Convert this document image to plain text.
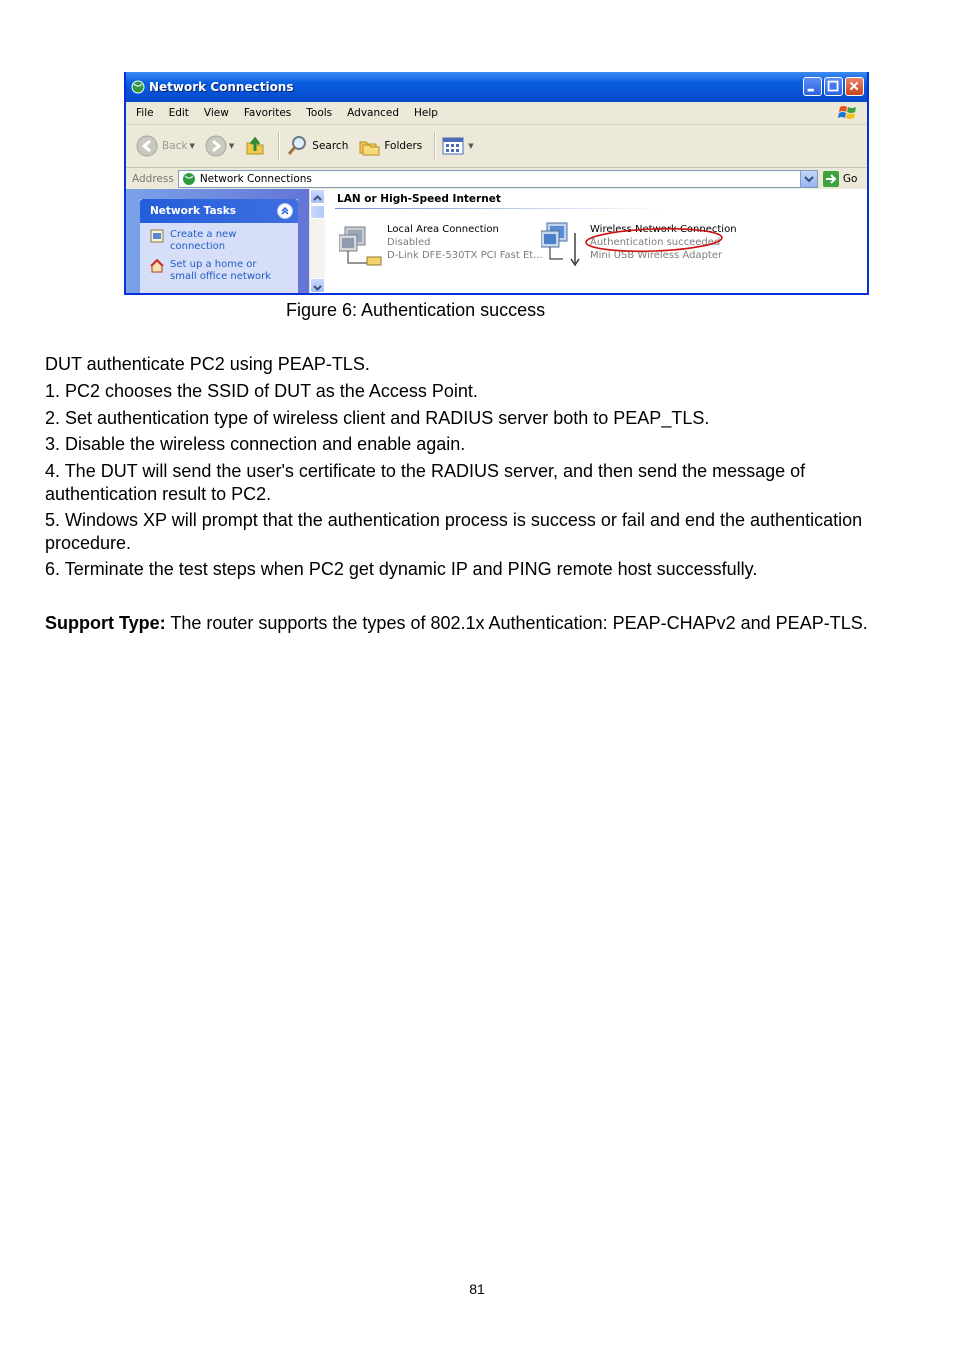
Network Connections
File Edit View Favorites Tools Advanced Help
Back ▼	▼	Search	Folders	▼
Address Network Connections	Go
Network Tasks
Create a new connection
Set up a home or small office network
LAN or High-Speed Internet
Local Area Connection
Disabled
D-Link DFE-530TX PCI Fast Et...
Wireless Network Connection
Authentication succeeded
Mini USB Wireless Adapter
Figure 6: Authentication success
DUT authenticate PC2 using PEAP-TLS.
1. PC2 chooses the SSID of DUT as the Access Point.
2. Set authentication type of wireless client and RADIUS server both to PEAP_TLS.
3. Disable the wireless connection and enable again.
4. The DUT will send the user's certificate to the RADIUS server, and then send the message of authentication result to PC2.
5. Windows XP will prompt that the authentication process is success or fail and end the authentication procedure.
6. Terminate the test steps when PC2 get dynamic IP and PING remote host successfully.
Support Type: The router supports the types of 802.1x Authentication: PEAP-CHAPv2 and PEAP-TLS.
81
